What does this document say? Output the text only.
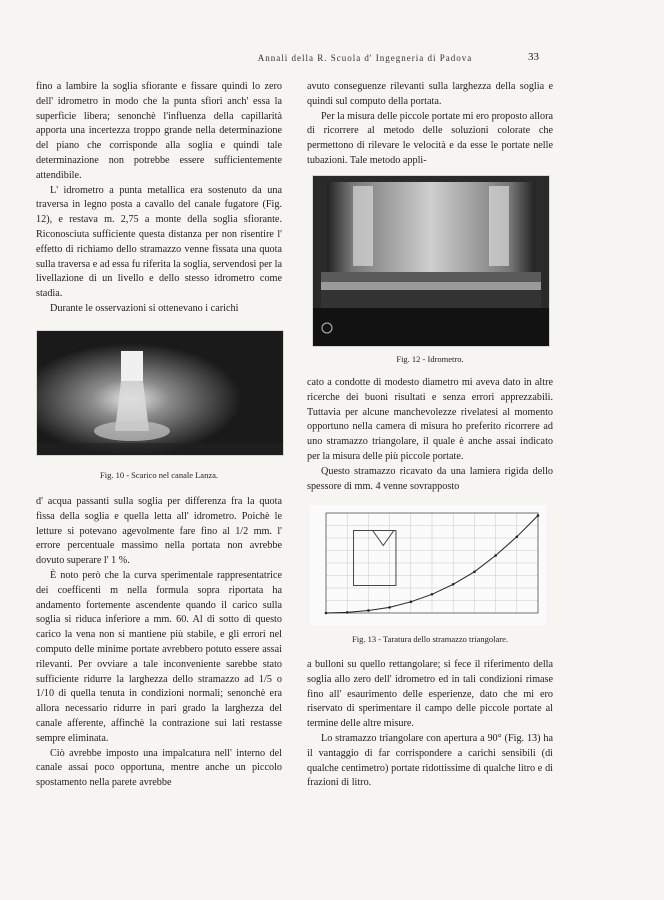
Annali della R. Scuola d' Ingegneria di Padova	33

fino a lambire la soglia sfiorante e fissare quindi lo zero dell' idrometro in modo che la punta sfiori anch' essa la superficie libera; senonchè l'influenza della capillarità apporta una incertezza troppo grande nella determinazione del piano che corrisponde alla soglia e quindi tale determinazione non potrebbe essere sufficientemente attendibile.

L' idrometro a punta metallica era sostenuto da una traversa in legno posta a cavallo del canale fugatore (Fig. 12), e restava m. 2,75 a monte della soglia sfiorante. Riconosciuta sufficiente questa distanza per non risentire l' effetto di richiamo dello stramazzo venne fissata una quota sulla traversa e ad essa fu riferita la soglia, servendosi per la livellazione di un livello e dello stesso idrometro come stadia.

Durante le osservazioni si ottenevano i carichi

Fig. 10 - Scarico nel canale Lanza.

d' acqua passanti sulla soglia per differenza fra la quota fissa della soglia e quella letta all' idrometro. Poichè le letture si potevano agevolmente fare fino al 1/2 mm. l' errore percentuale massimo nella portata non avrebbe dovuto superare l' 1 %.

È noto però che la curva sperimentale rappresentatrice dei coefficenti m nella formula sopra riportata ha andamento fortemente ascendente quando il carico sulla soglia si riduca inferiore a mm. 60. Al di sotto di questo carico la vena non si mantiene più stabile, e gli errori nel computo delle minime portate avrebbero potuto essere assai rilevanti. Per ovviare a tale inconveniente sarebbe stato sufficiente ridurre la larghezza dello stramazzo ad 1/5 o 1/10 di quella tenuta in condizioni normali; senonchè era allora necessario ridurre in pari grado la larghezza del canale afferente, affinchè la contrazione sui lati restasse sempre eliminata.

Ciò avrebbe imposto una impalcatura nell' interno del canale assai poco opportuna, mentre anche un piccolo spostamento nella parete avrebbe

avuto conseguenze rilevanti sulla larghezza della soglia e quindi sul computo della portata.

Per la misura delle piccole portate mi ero proposto allora di ricorrere al metodo delle soluzioni colorate che permettono di rilevare le velocità e da esse le portate nelle tubazioni. Tale metodo appli-

Fig. 12 - Idrometro.

cato a condotte di modesto diametro mi aveva dato in altre ricerche dei buoni risultati e senza errori apprezzabili. Tuttavia per alcune manchevolezze rivelatesi al momento opportuno nella camera di misura ho preferito ricorrere ad uno stramazzo triangolare, il quale è anche assai indicato per la misura delle più piccole portate.

Questo stramazzo ricavato da una lamiera rigida dello spessore di mm. 4 venne sovrapposto

Fig. 13 - Taratura dello stramazzo triangolare.

a bulloni su quello rettangolare; si fece il riferimento della soglia allo zero dell' idrometro ed in tali condizioni rimase fino all' esaurimento delle esperienze, dato che mi ero riservato di sperimentare il campo delle piccole portate al termine delle altre misure.

Lo stramazzo triangolare con apertura a 90° (Fig. 13) ha il vantaggio di far corrispondere a carichi sensibili (di qualche centimetro) portate ridottissime di qualche litro e di frazioni di litro.
